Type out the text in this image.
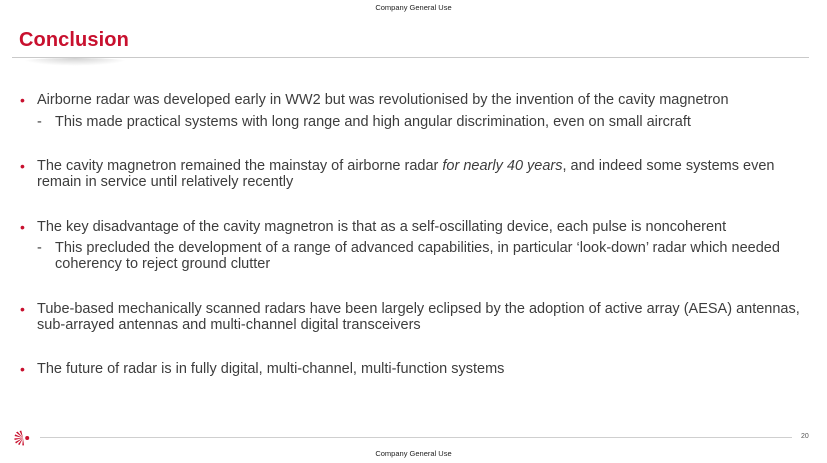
Company General Use
Conclusion
• Airborne radar was developed early in WW2 but was revolutionised by the invention of the cavity magnetron
- This made practical systems with long range and high angular discrimination, even on small aircraft
• The cavity magnetron remained the mainstay of airborne radar for nearly 40 years, and indeed some systems even remain in service until relatively recently
• The key disadvantage of the cavity magnetron is that as a self-oscillating device, each pulse is noncoherent
- This precluded the development of a range of advanced capabilities, in particular ‘look-down’ radar which needed coherency to reject ground clutter
• Tube-based mechanically scanned radars have been largely eclipsed by the adoption of active array (AESA) antennas, sub-arrayed antennas and multi-channel digital transceivers
• The future of radar is in fully digital, multi-channel, multi-function systems
20
Company General Use
